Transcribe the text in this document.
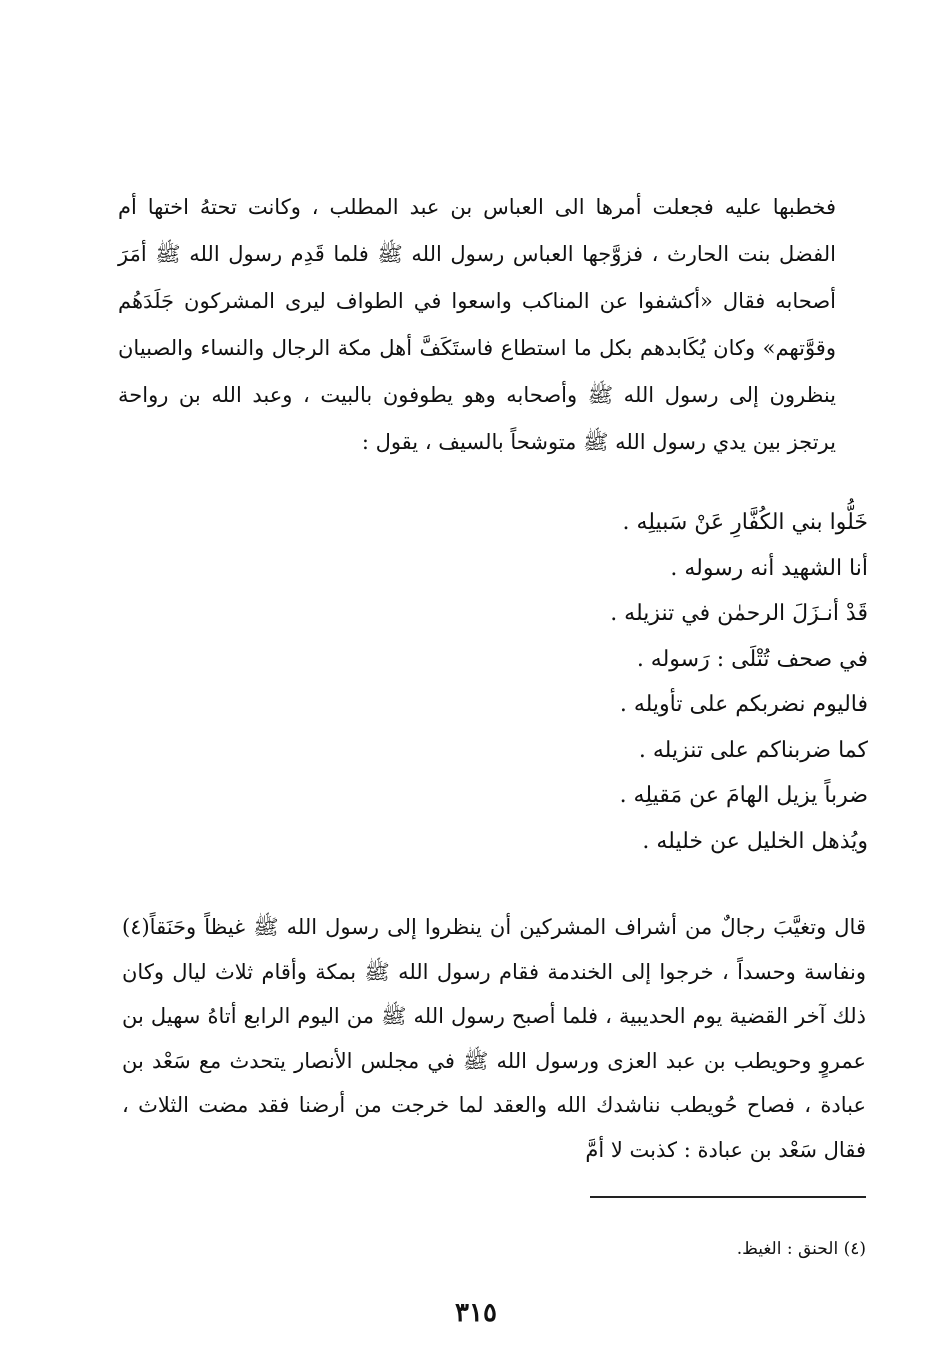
فخطبها عليه فجعلت أمرها الى العباس بن عبد المطلب ، وكانت تحتهُ اختها أم الفضل بنت الحارث ، فزوَّجها العباس رسول الله ﷺ فلما قَدِم رسول الله ﷺ أمَرَ أصحابه فقال «أكشفوا عن المناكب واسعوا في الطواف ليرى المشركون جَلَدَهُم وقوَّتهم» وكان يُكَابدهم بكل ما استطاع فاستَكَفَّ أهل مكة الرجال والنساء والصبيان ينظرون إلى رسول الله ﷺ وأصحابه وهو يطوفون بالبيت ، وعبد الله بن رواحة يرتجز بين يدي رسول الله ﷺ متوشحاً بالسيف ، يقول :

خَلُّوا بني الكُفَّارِ عَنْ سَبيلِه .
أنا الشهيد أنه رسوله .
قَدْ أنـزَلَ الرحمٰن في تنزيله .
في صحف تُتْلَى : رَسوله .
فاليوم نضربكم على تأويله .
كما ضربناكم على تنزيله .
ضرباً يزيل الهامَ عن مَقيلِه .
ويُذهل الخليل عن خليله .

قال وتغيَّبَ رجالٌ من أشراف المشركين أن ينظروا إلى رسول الله ﷺ غيظاً وحَنَقاً(٤) ونفاسة وحسداً ، خرجوا إلى الخندمة فقام رسول الله ﷺ بمكة وأقام ثلاث ليال وكان ذلك آخر القضية يوم الحديبية ، فلما أصبح رسول الله ﷺ من اليوم الرابع أتاهُ سهيل بن عمروٍ وحويطب بن عبد العزى ورسول الله ﷺ في مجلس الأنصار يتحدث مع سَعْد بن عبادة ، فصاح حُويطب نناشدك الله والعقد لما خرجت من أرضنا فقد مضت الثلاث ، فقال سَعْد بن عبادة : كذبت لا أمَّ

(٤) الحنق : الغيظ.

٣١٥
